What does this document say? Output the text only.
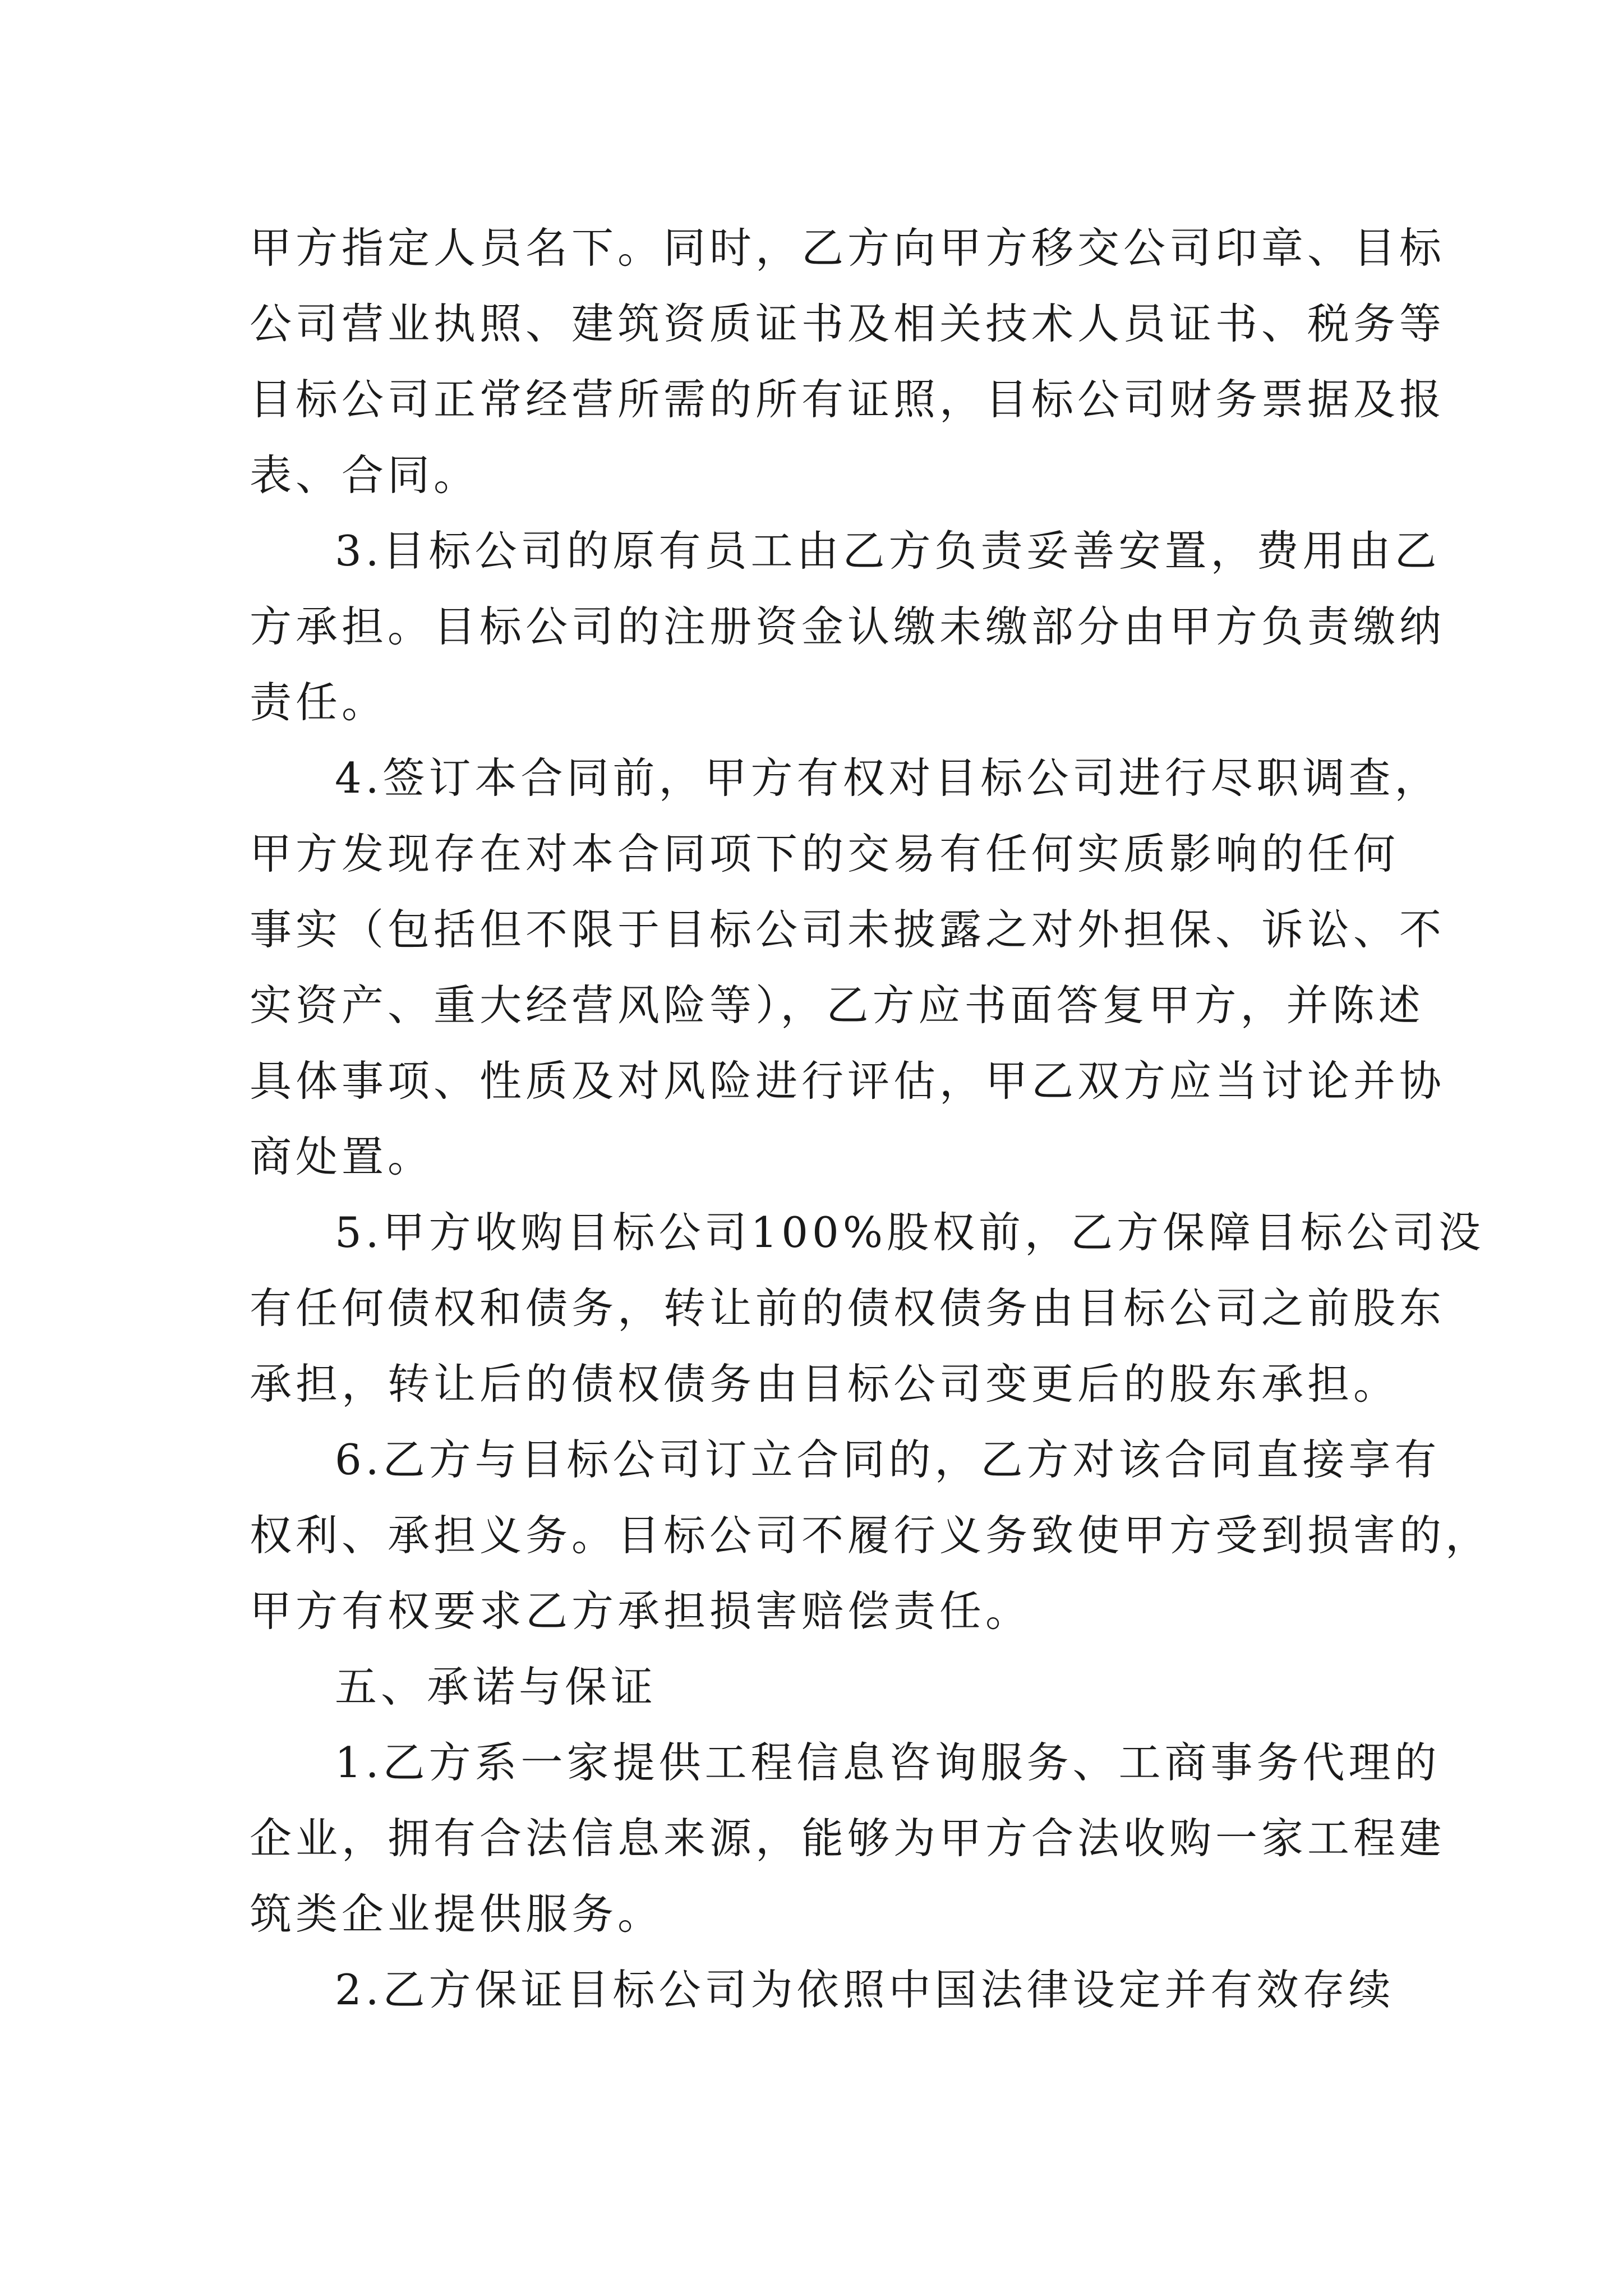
甲方指定人员名下。同时，乙方向甲方移交公司印章、目标
公司营业执照、建筑资质证书及相关技术人员证书、税务等
目标公司正常经营所需的所有证照，目标公司财务票据及报
表、合同。
3.目标公司的原有员工由乙方负责妥善安置，费用由乙
方承担。目标公司的注册资金认缴未缴部分由甲方负责缴纳
责任。
4.签订本合同前，甲方有权对目标公司进行尽职调查，
甲方发现存在对本合同项下的交易有任何实质影响的任何
事实（包括但不限于目标公司未披露之对外担保、诉讼、不
实资产、重大经营风险等），乙方应书面答复甲方，并陈述
具体事项、性质及对风险进行评估，甲乙双方应当讨论并协
商处置。
5.甲方收购目标公司100%股权前，乙方保障目标公司没
有任何债权和债务，转让前的债权债务由目标公司之前股东
承担，转让后的债权债务由目标公司变更后的股东承担。
6.乙方与目标公司订立合同的，乙方对该合同直接享有
权利、承担义务。目标公司不履行义务致使甲方受到损害的，
甲方有权要求乙方承担损害赔偿责任。
五、承诺与保证
1.乙方系一家提供工程信息咨询服务、工商事务代理的
企业，拥有合法信息来源，能够为甲方合法收购一家工程建
筑类企业提供服务。
2.乙方保证目标公司为依照中国法律设定并有效存续
